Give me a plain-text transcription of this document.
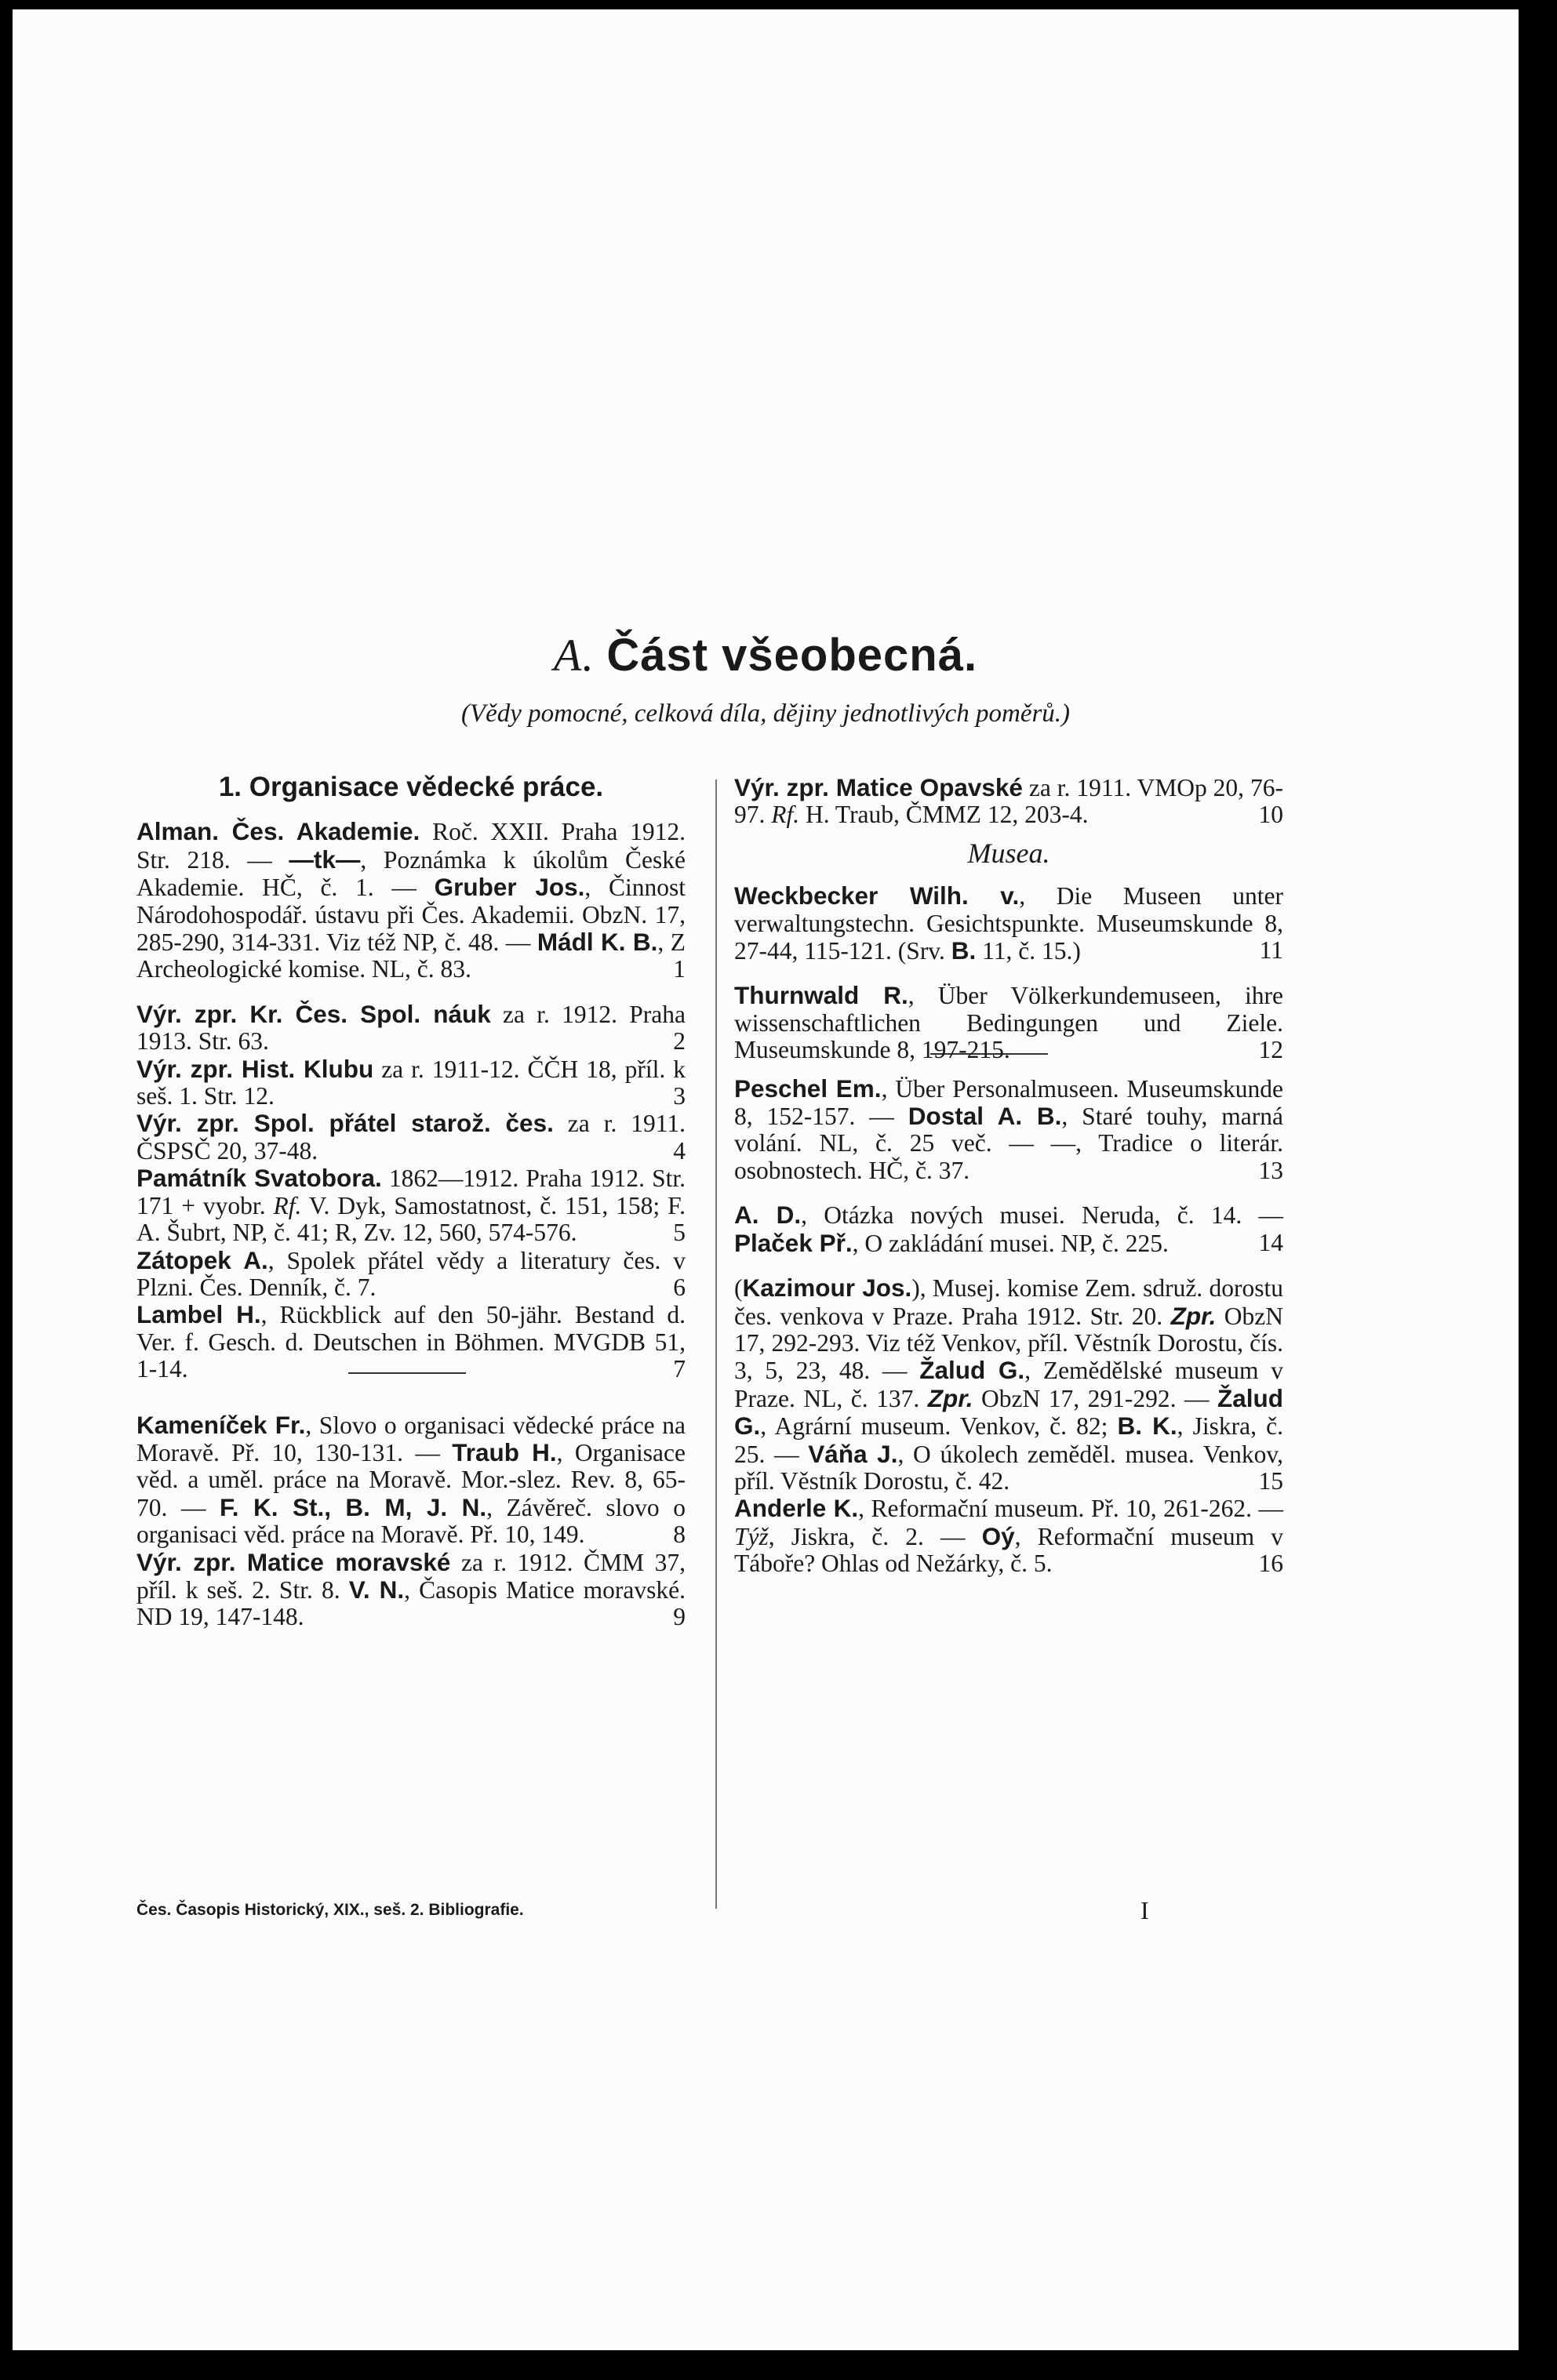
A. Část všeobecná.
(Vědy pomocné, celková díla, dějiny jednotlivých poměrů.)

1. Organisace vědecké práce.

Alman. Čes. Akademie. Roč. XXII. Praha 1912. Str. 218. — —tk—, Poznámka k úkolům České Akademie. HČ, č. 1. — Gruber Jos., Činnost Národohospodář. ústavu při Čes. Akademii. ObzN. 17, 285-290, 314-331. Viz též NP, č. 48. — Mádl K. B., Z Archeologické komise. NL, č. 83.	1

Výr. zpr. Kr. Čes. Spol. náuk za r. 1912. Praha 1913. Str. 63.	2

Výr. zpr. Hist. Klubu za r. 1911-12. ČČH 18, příl. k seš. 1. Str. 12.	3

Výr. zpr. Spol. přátel starož. čes. za r. 1911. ČSPSČ 20, 37-48.	4

Památník Svatobora. 1862—1912. Praha 1912. Str. 171 + vyobr. Rf. V. Dyk, Samostatnost, č. 151, 158; F. A. Šubrt, NP, č. 41; R, Zv. 12, 560, 574-576.	5

Zátopek A., Spolek přátel vědy a literatury čes. v Plzni. Čes. Denník, č. 7.	6

Lambel H., Rückblick auf den 50-jähr. Bestand d. Ver. f. Gesch. d. Deutschen in Böhmen. MVGDB 51, 1-14.	7

Kameníček Fr., Slovo o organisaci vědecké práce na Moravě. Př. 10, 130-131. — Traub H., Organisace věd. a uměl. práce na Moravě. Mor.-slez. Rev. 8, 65-70. — F. K. St., B. M, J. N., Závěreč. slovo o organisaci věd. práce na Moravě. Př. 10, 149.	8

Výr. zpr. Matice moravské za r. 1912. ČMM 37, příl. k seš. 2. Str. 8. V. N., Časopis Matice moravské. ND 19, 147-148.	9

Výr. zpr. Matice Opavské za r. 1911. VMOp 20, 76-97. Rf. H. Traub, ČMMZ 12, 203-4.	10

Musea.

Weckbecker Wilh. v., Die Museen unter verwaltungstechn. Gesichtspunkte. Museumskunde 8, 27-44, 115-121. (Srv. B. 11, č. 15.)	11

Thurnwald R., Über Völkerkundemuseen, ihre wissenschaftlichen Bedingungen und Ziele. Museumskunde 8, 197-215.	12

Peschel Em., Über Personalmuseen. Museumskunde 8, 152-157. — Dostal A. B., Staré touhy, marná volání. NL, č. 25 več. — —, Tradice o literár. osobnostech. HČ, č. 37.	13

A. D., Otázka nových musei. Neruda, č. 14. — Plaček Př., O zakládání musei. NP, č. 225.	14

(Kazimour Jos.), Musej. komise Zem. sdruž. dorostu čes. venkova v Praze. Praha 1912. Str. 20. Zpr. ObzN 17, 292-293. Viz též Venkov, příl. Věstník Dorostu, čís. 3, 5, 23, 48. — Žalud G., Zemědělské museum v Praze. NL, č. 137. Zpr. ObzN 17, 291-292. — Žalud G., Agrární museum. Venkov, č. 82; B. K., Jiskra, č. 25. — Váňa J., O úkolech zeměděl. musea. Venkov, příl. Věstník Dorostu, č. 42.	15

Anderle K., Reformační museum. Př. 10, 261-262. —Týž, Jiskra, č. 2. — Oý, Reformační museum v Táboře? Ohlas od Nežárky, č. 5.	16

Čes. Časopis Historický, XIX., seš. 2. Bibliografie.	I
